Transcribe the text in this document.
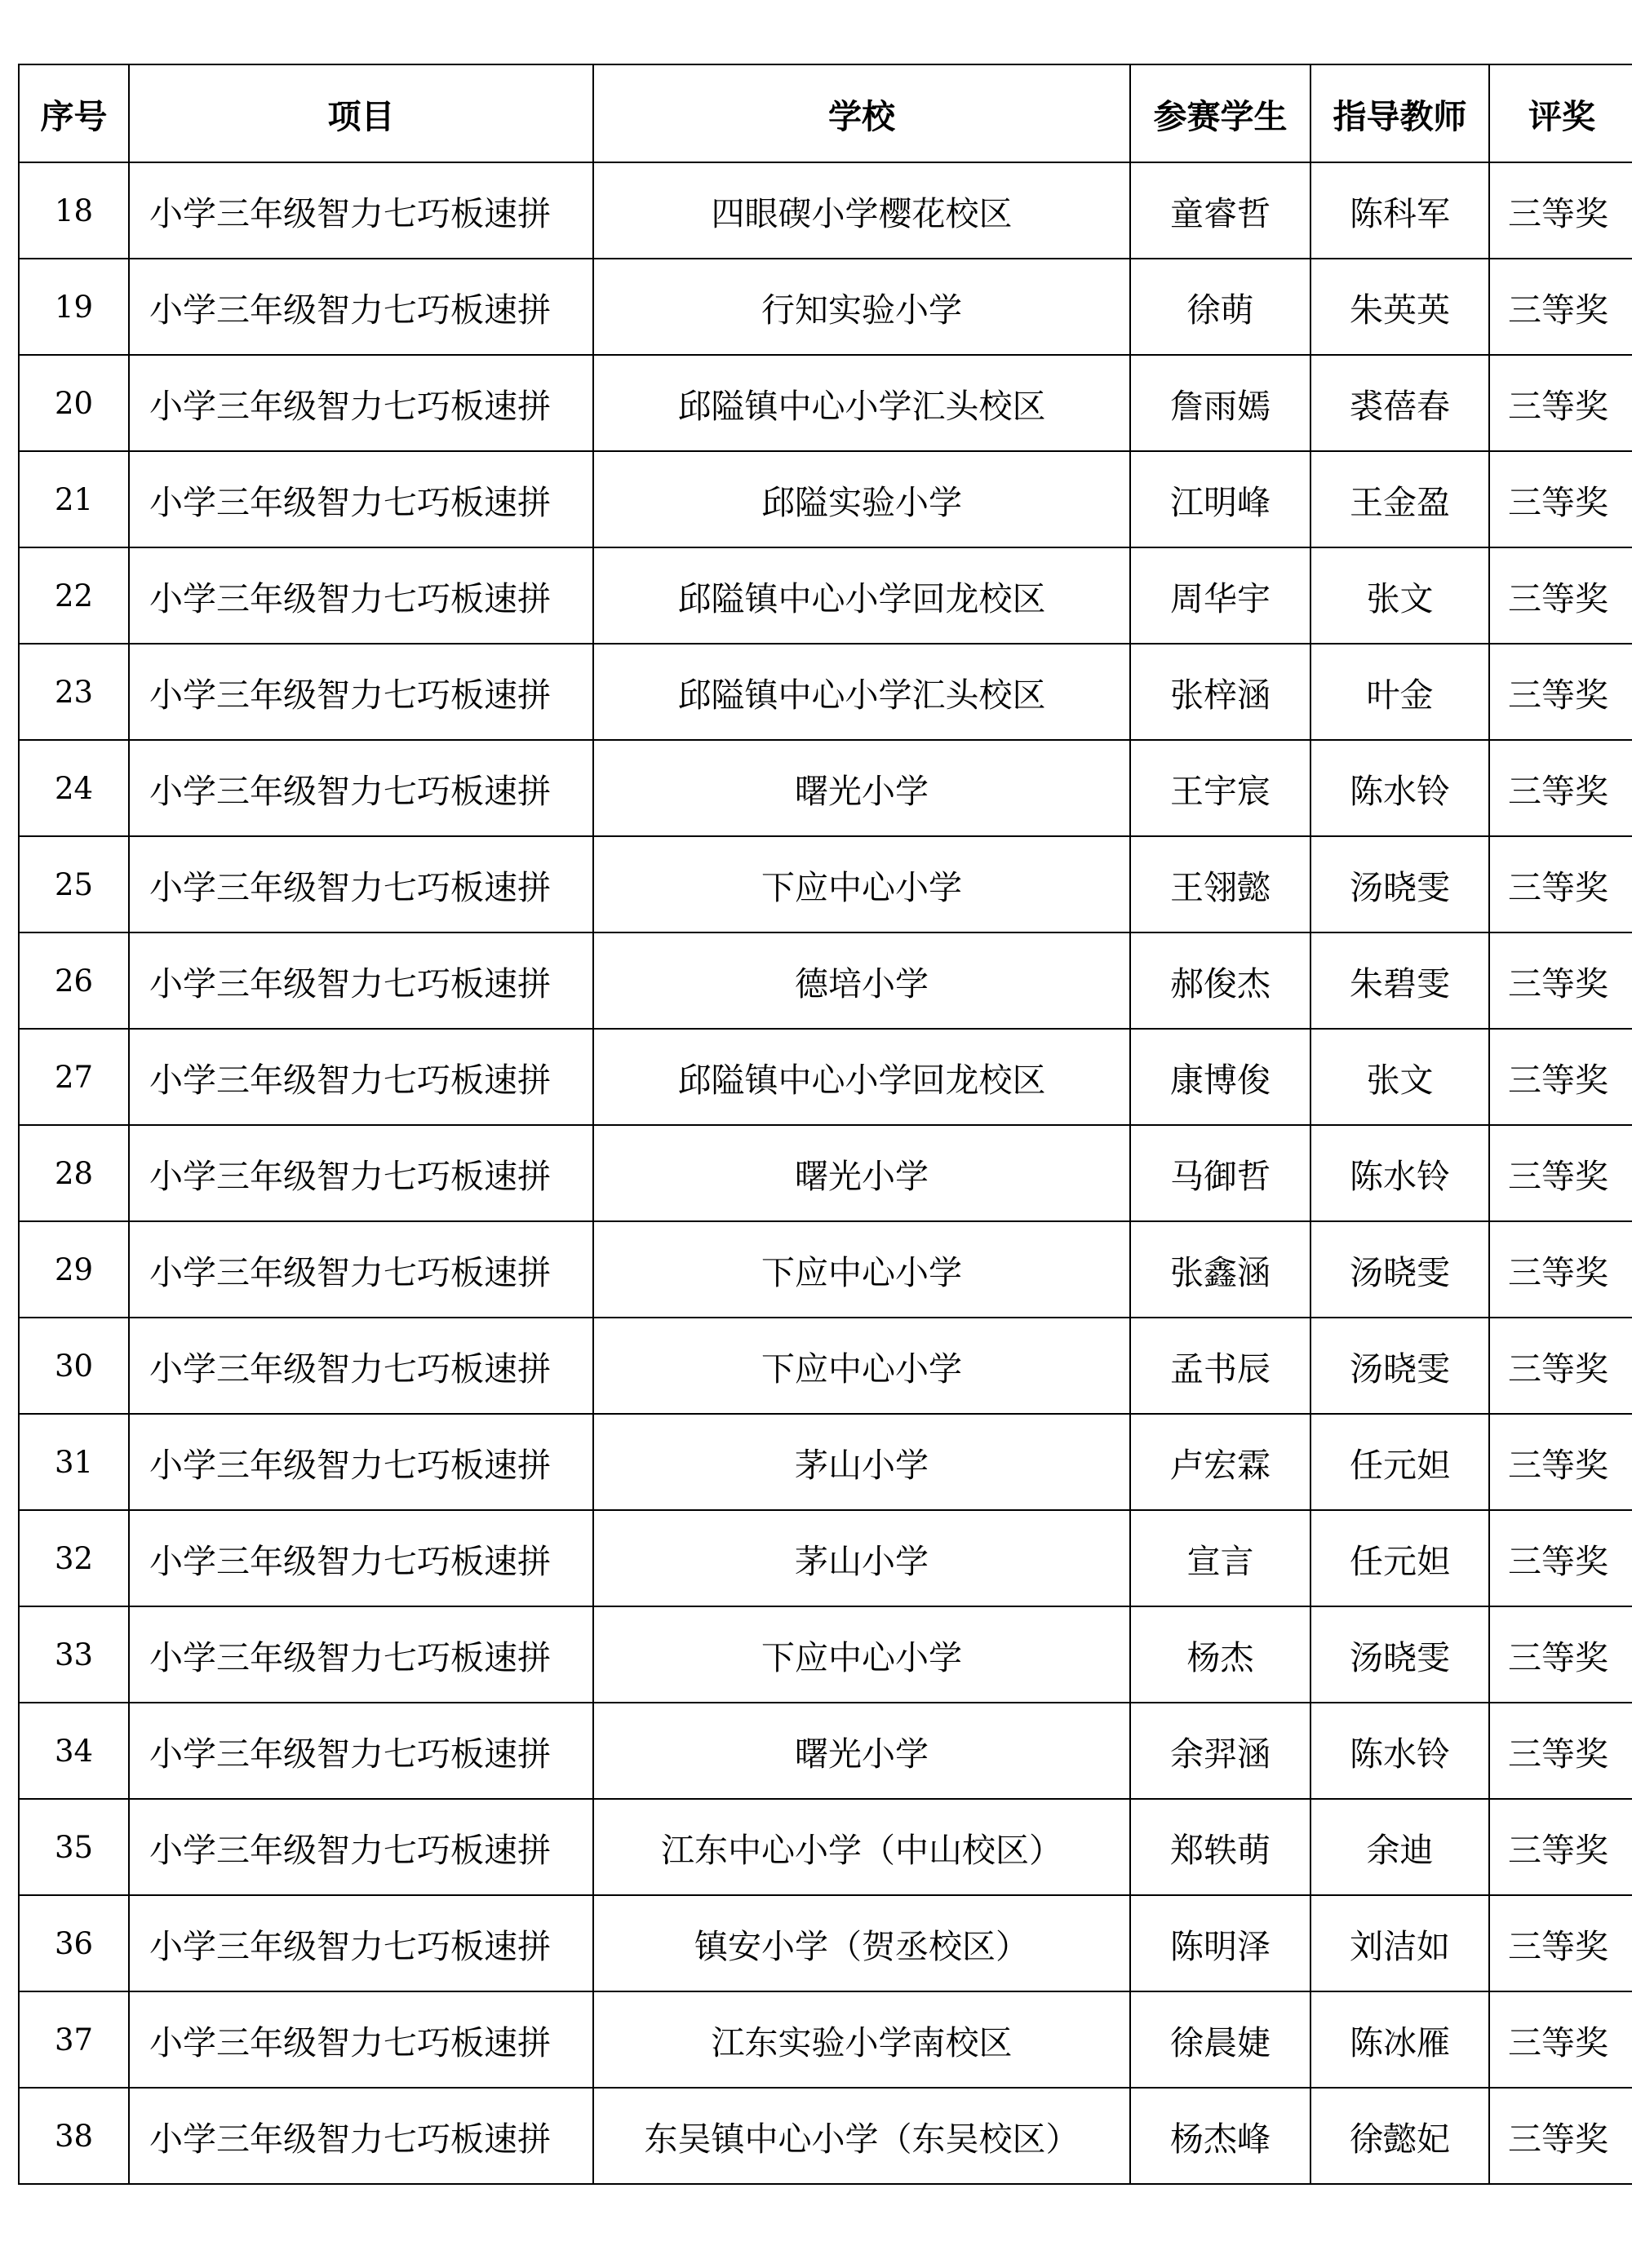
序号	项目	学校	参赛学生	指导教师	评奖
18	小学三年级智力七巧板速拼	四眼碶小学樱花校区	童睿哲	陈科军	三等奖
19	小学三年级智力七巧板速拼	行知实验小学	徐萌	朱英英	三等奖
20	小学三年级智力七巧板速拼	邱隘镇中心小学汇头校区	詹雨嫣	裘蓓春	三等奖
21	小学三年级智力七巧板速拼	邱隘实验小学	江明峰	王金盈	三等奖
22	小学三年级智力七巧板速拼	邱隘镇中心小学回龙校区	周华宇	张文	三等奖
23	小学三年级智力七巧板速拼	邱隘镇中心小学汇头校区	张梓涵	叶金	三等奖
24	小学三年级智力七巧板速拼	曙光小学	王宇宸	陈水铃	三等奖
25	小学三年级智力七巧板速拼	下应中心小学	王翎懿	汤晓雯	三等奖
26	小学三年级智力七巧板速拼	德培小学	郝俊杰	朱碧雯	三等奖
27	小学三年级智力七巧板速拼	邱隘镇中心小学回龙校区	康博俊	张文	三等奖
28	小学三年级智力七巧板速拼	曙光小学	马御哲	陈水铃	三等奖
29	小学三年级智力七巧板速拼	下应中心小学	张鑫涵	汤晓雯	三等奖
30	小学三年级智力七巧板速拼	下应中心小学	孟书辰	汤晓雯	三等奖
31	小学三年级智力七巧板速拼	茅山小学	卢宏霖	任元妲	三等奖
32	小学三年级智力七巧板速拼	茅山小学	宣言	任元妲	三等奖
33	小学三年级智力七巧板速拼	下应中心小学	杨杰	汤晓雯	三等奖
34	小学三年级智力七巧板速拼	曙光小学	余羿涵	陈水铃	三等奖
35	小学三年级智力七巧板速拼	江东中心小学（中山校区）	郑轶萌	余迪	三等奖
36	小学三年级智力七巧板速拼	镇安小学（贺丞校区）	陈明泽	刘洁如	三等奖
37	小学三年级智力七巧板速拼	江东实验小学南校区	徐晨婕	陈冰雁	三等奖
38	小学三年级智力七巧板速拼	东吴镇中心小学（东吴校区）	杨杰峰	徐懿妃	三等奖
